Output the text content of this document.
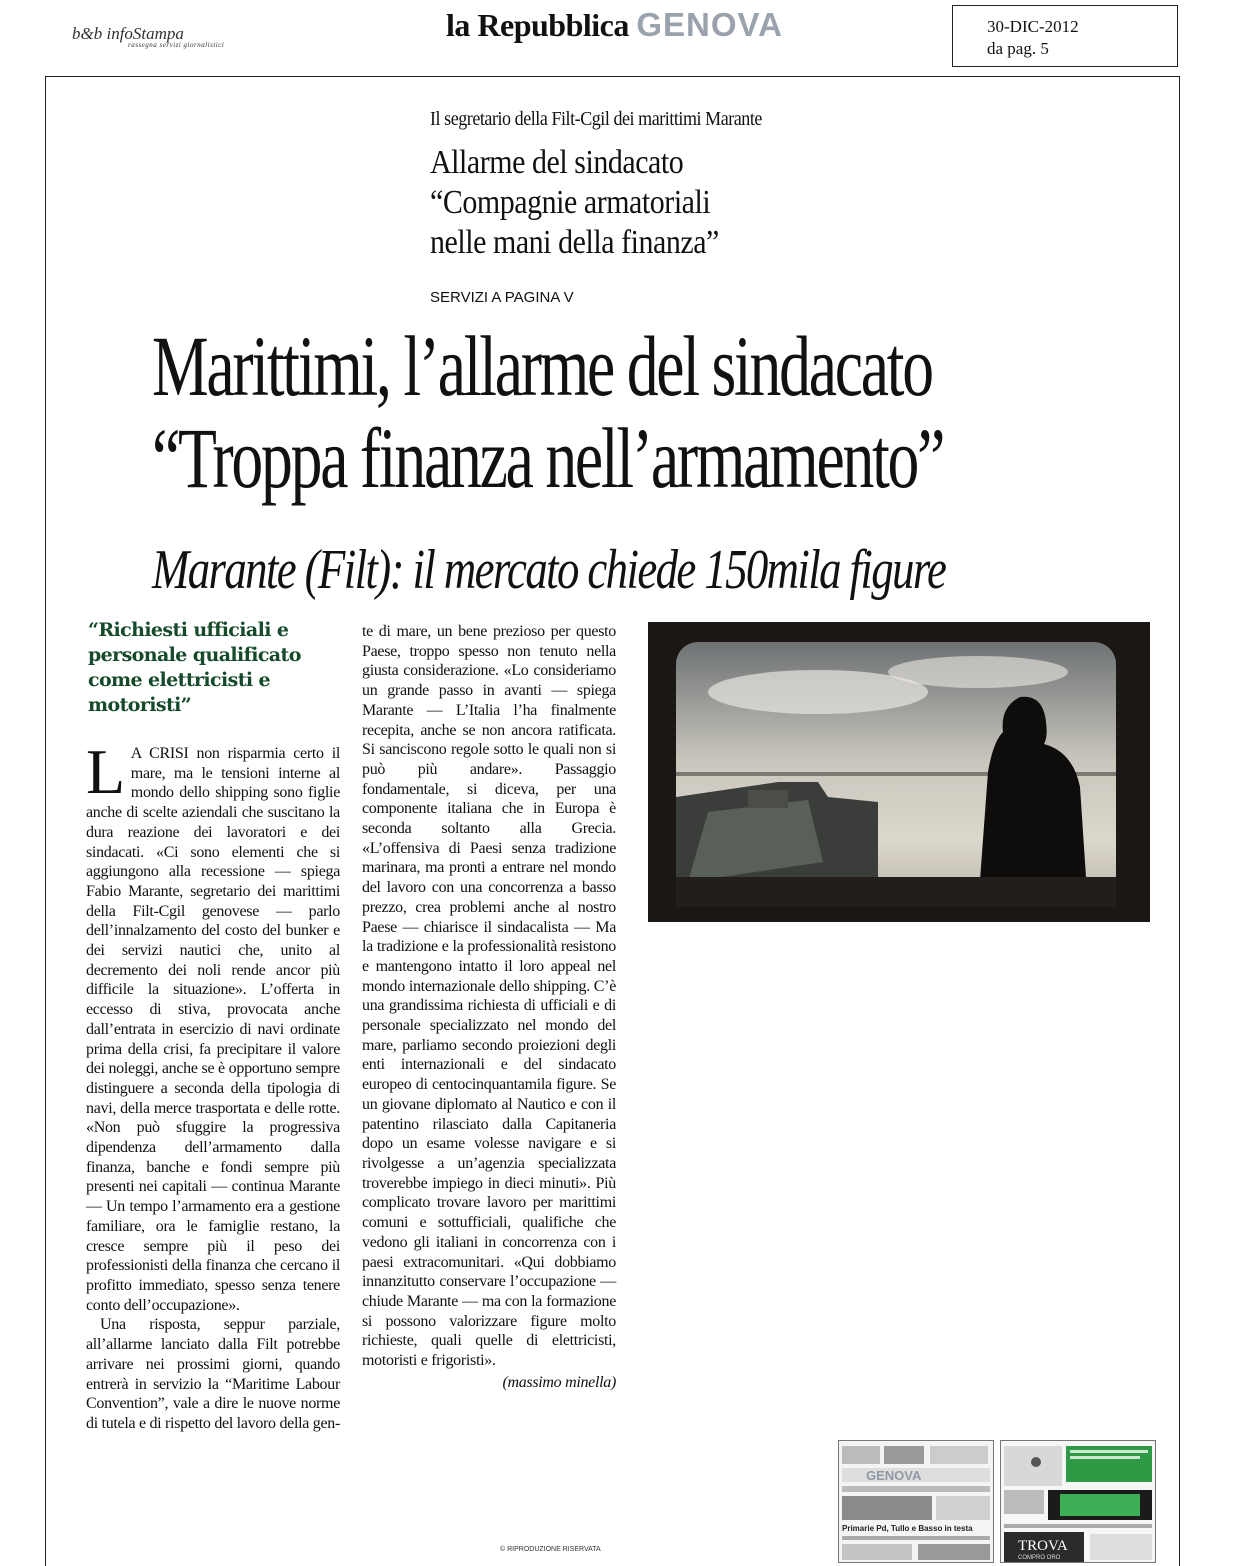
b&b infoStampa
rassegna servizi giornalistici
la Repubblica GENOVA	30-DIC-2012
da pag. 5
Il segretario della Filt-Cgil dei marittimi Marante
Allarme del sindacato
“Compagnie armatoriali
nelle mani della finanza”
SERVIZI A PAGINA V
Marittimi, l’allarme del sindacato
“Troppa finanza nell’armamento”
Marante (Filt): il mercato chiede 150mila figure
“Richiesti ufficiali e personale qualificato come elettricisti e motoristi”

L A CRISI non risparmia certo il mare, ma le tensioni interne al mondo dello shipping sono figlie anche di scelte aziendali che suscitano la dura reazione dei lavoratori e dei sindacati. «Ci sono elementi che si aggiungono alla recessione — spiega Fabio Marante, segretario dei marittimi della Filt-Cgil genovese — parlo dell’innalzamento del costo del bunker e dei servizi nautici che, unito al decremento dei noli rende ancor più difficile la situazione». L’offerta in eccesso di stiva, provocata anche dall’entrata in esercizio di navi ordinate prima della crisi, fa precipitare il valore dei noleggi, anche se è opportuno sempre distinguere a seconda della tipologia di navi, della merce trasportata e delle rotte. «Non può sfuggire la progressiva dipendenza dell’armamento dalla finanza, banche e fondi sempre più presenti nei capitali — continua Marante — Un tempo l’armamento era a gestione familiare, ora le famiglie restano, la cresce sempre più il peso dei professionisti della finanza che cercano il profitto immediato, spesso senza tenere conto dell’occupazione».

Una risposta, seppur parziale, all’allarme lanciato dalla Filt potrebbe arrivare nei prossimi giorni, quando entrerà in servizio la “Maritime Labour Convention”, vale a dire le nuove norme di tutela e di rispetto del lavoro della gen-

te di mare, un bene prezioso per questo Paese, troppo spesso non tenuto nella giusta considerazione. «Lo consideriamo un grande passo in avanti — spiega Marante — L’Italia l’ha finalmente recepita, anche se non ancora ratificata. Si sanciscono regole sotto le quali non si può più andare». Passaggio fondamentale, si diceva, per una componente italiana che in Europa è seconda soltanto alla Grecia. «L’offensiva di Paesi senza tradizione marinara, ma pronti a entrare nel mondo del lavoro con una concorrenza a basso prezzo, crea problemi anche al nostro Paese — chiarisce il sindacalista — Ma la tradizione e la professionalità resistono e mantengono intatto il loro appeal nel mondo internazionale dello shipping. C’è una grandissima richiesta di ufficiali e di personale specializzato nel mondo del mare, parliamo secondo proiezioni degli enti internazionali e del sindacato europeo di centocinquantamila figure. Se un giovane diplomato al Nautico e con il patentino rilasciato dalla Capitaneria dopo un esame volesse navigare e si rivolgesse a un’agenzia specializzata troverebbe impiego in dieci minuti». Più complicato trovare lavoro per marittimi comuni e sottufficiali, qualifiche che vedono gli italiani in concorrenza con i paesi extracomunitari. «Qui dobbiamo innanzitutto conservare l’occupazione — chiude Marante — ma con la formazione si possono valorizzare figure molto richieste, quali quelle di elettricisti, motoristi e frigoristi».

(massimo minella)
© RIPRODUZIONE RISERVATA
GENOVA
Primarie Pd, Tullo e Basso in testa
TROVA
COMPRO ORO
